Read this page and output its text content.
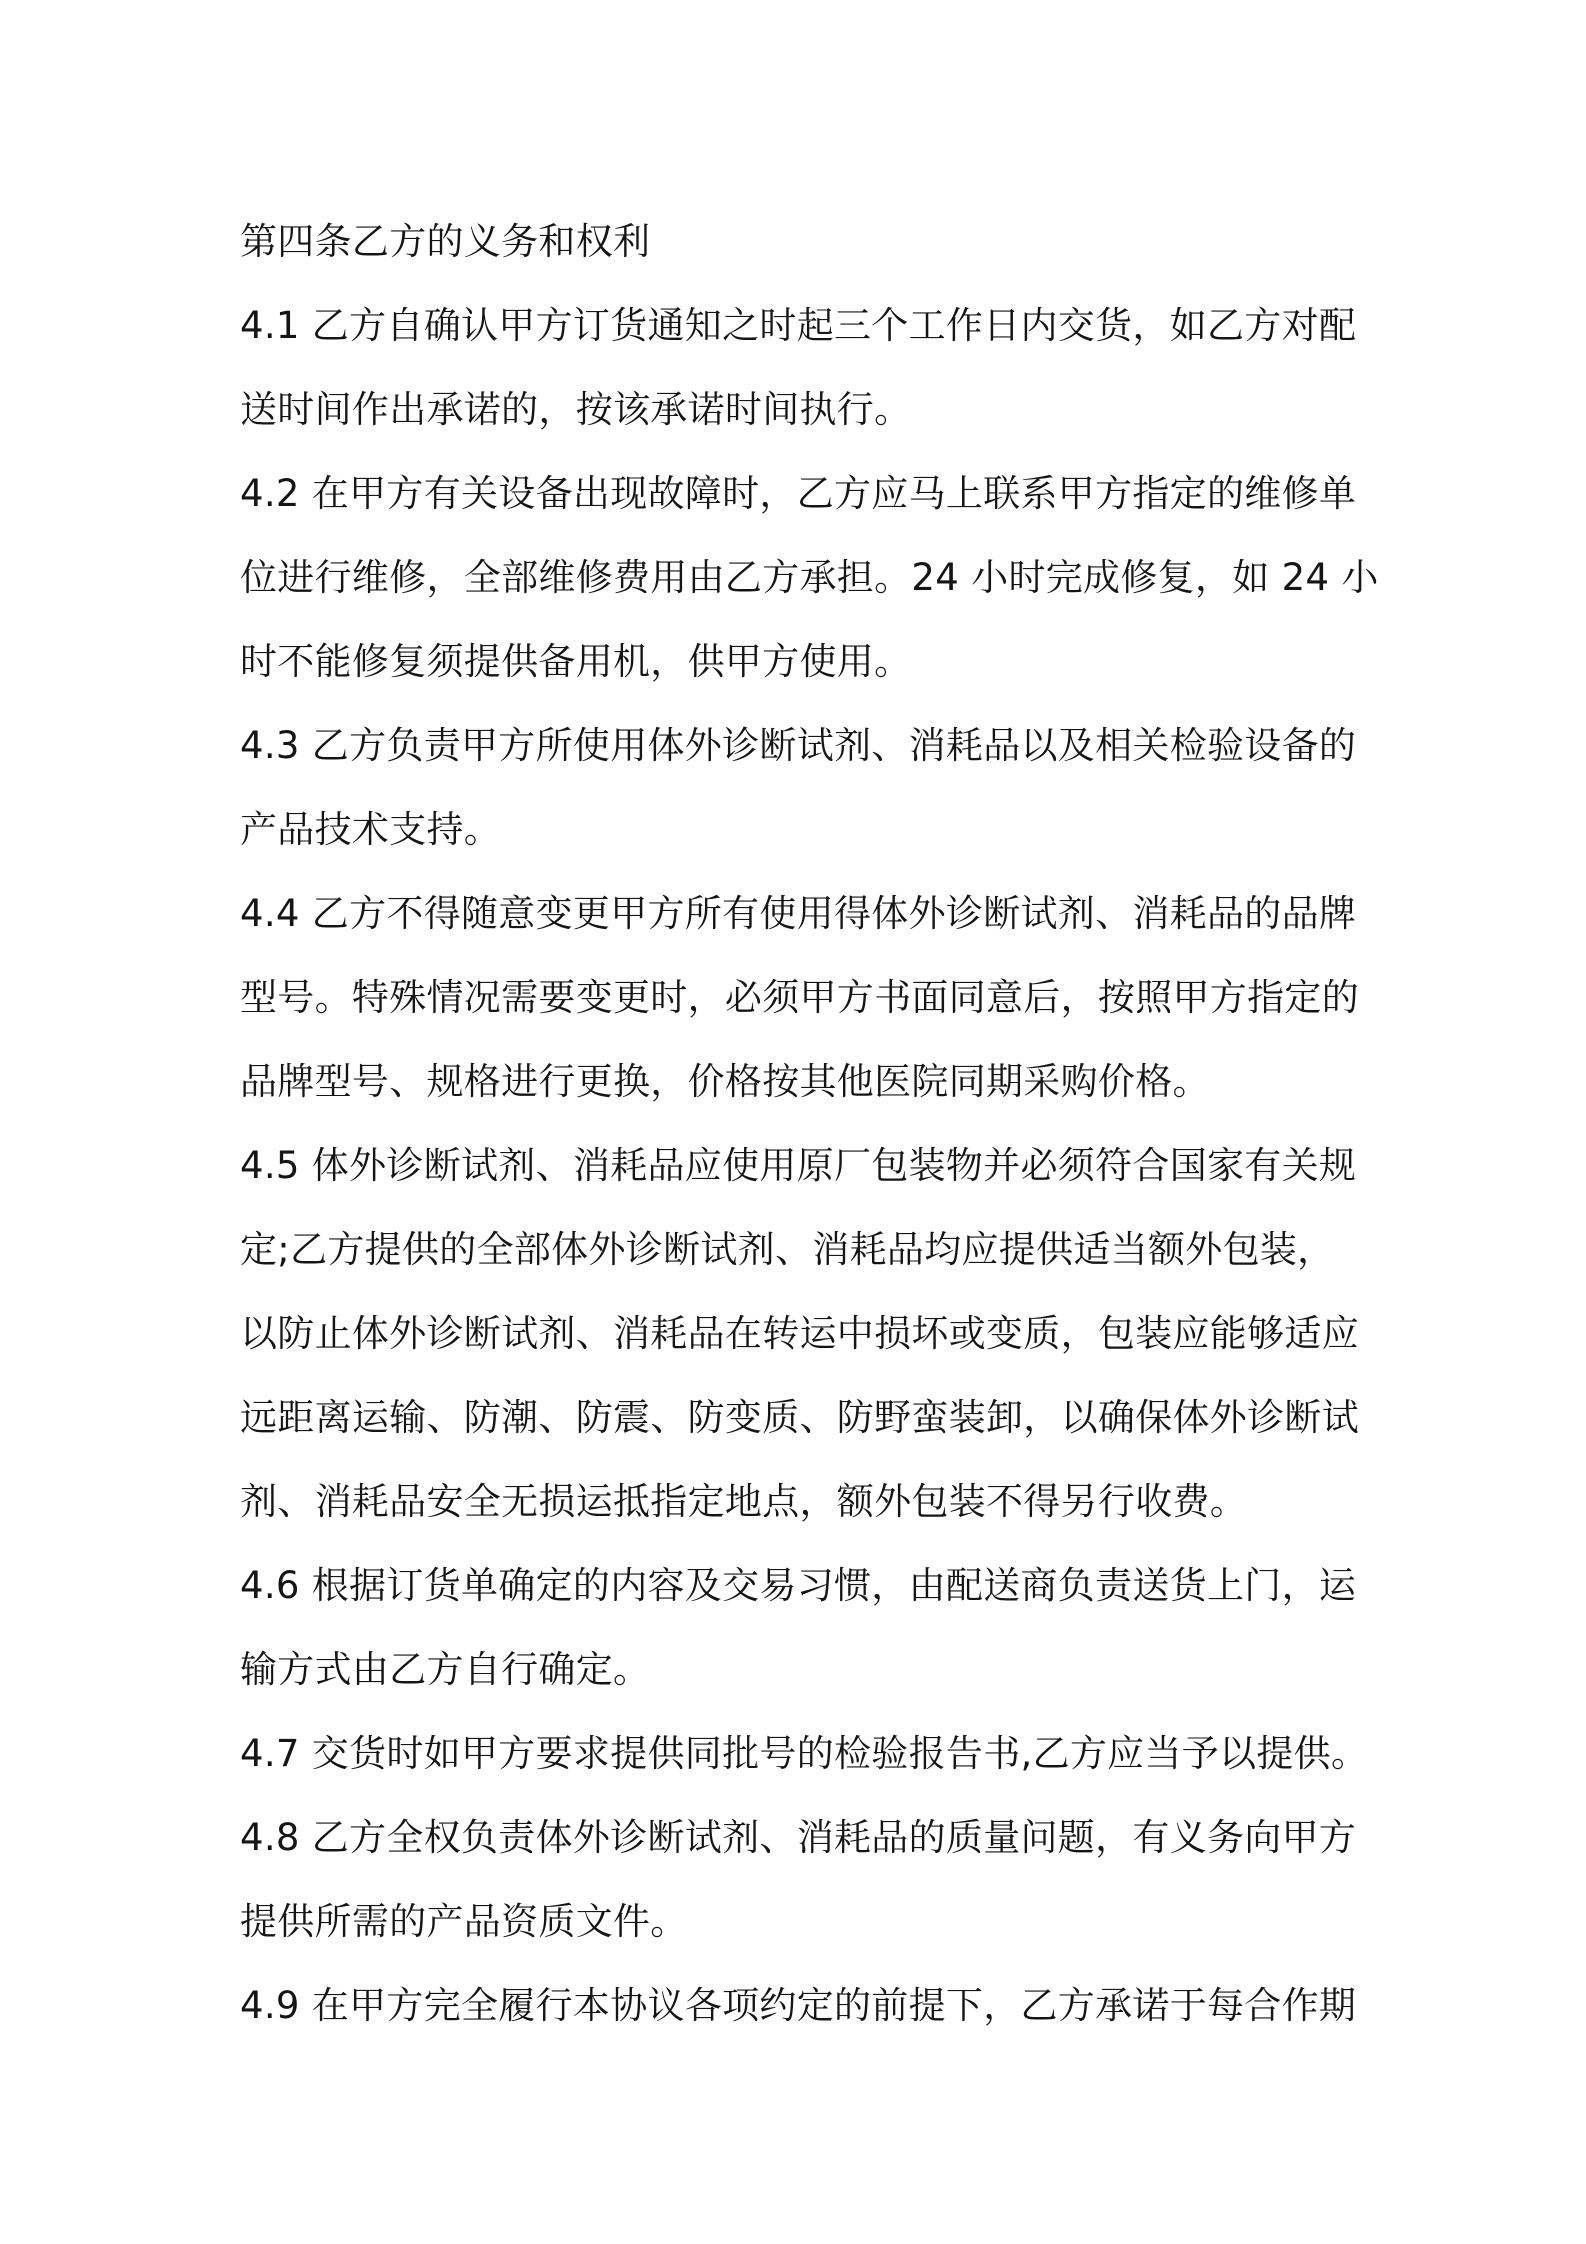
第四条乙方的义务和权利
4.1 乙方自确认甲方订货通知之时起三个工作日内交货，如乙方对配
送时间作出承诺的，按该承诺时间执行。
4.2 在甲方有关设备出现故障时，乙方应马上联系甲方指定的维修单
位进行维修，全部维修费用由乙方承担。24 小时完成修复，如 24 小
时不能修复须提供备用机，供甲方使用。
4.3 乙方负责甲方所使用体外诊断试剂、消耗品以及相关检验设备的
产品技术支持。
4.4 乙方不得随意变更甲方所有使用得体外诊断试剂、消耗品的品牌
型号。特殊情况需要变更时，必须甲方书面同意后，按照甲方指定的
品牌型号、规格进行更换，价格按其他医院同期采购价格。
4.5 体外诊断试剂、消耗品应使用原厂包装物并必须符合国家有关规
定;乙方提供的全部体外诊断试剂、消耗品均应提供适当额外包装，
以防止体外诊断试剂、消耗品在转运中损坏或变质，包装应能够适应
远距离运输、防潮、防震、防变质、防野蛮装卸，以确保体外诊断试
剂、消耗品安全无损运抵指定地点，额外包装不得另行收费。
4.6 根据订货单确定的内容及交易习惯，由配送商负责送货上门，运
输方式由乙方自行确定。
4.7 交货时如甲方要求提供同批号的检验报告书,乙方应当予以提供。
4.8 乙方全权负责体外诊断试剂、消耗品的质量问题，有义务向甲方
提供所需的产品资质文件。
4.9 在甲方完全履行本协议各项约定的前提下，乙方承诺于每合作期
